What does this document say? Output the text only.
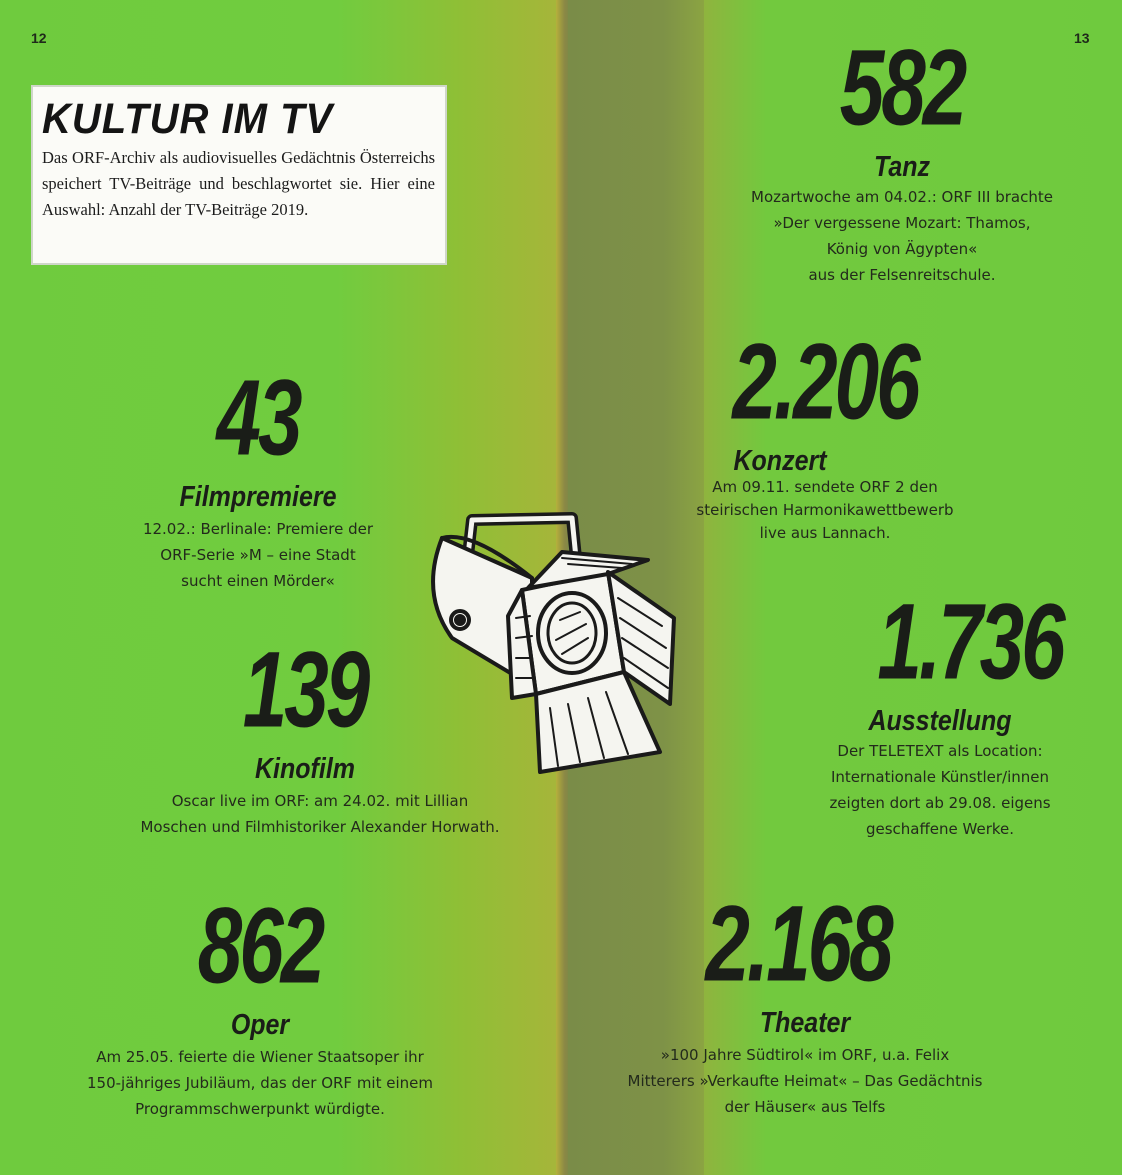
12	13
KULTUR IM TV

Das ORF-Archiv als audiovisuelles Gedächtnis Österreichs speichert TV-Beiträge und beschlagwortet sie. Hier eine Auswahl: Anzahl der TV-Beiträge 2019.

43
Filmpremiere
12.02.: Berlinale: Premiere der
ORF-Serie »M – eine Stadt
sucht einen Mörder«
139
Kinofilm
Oscar live im ORF: am 24.02. mit Lillian
Moschen und Filmhistoriker Alexander Horwath.
862
Oper
Am 25.05. feierte die Wiener Staatsoper ihr
150-jähriges Jubiläum, das der ORF mit einem
Programmschwerpunkt würdigte.
582
Tanz
Mozartwoche am 04.02.: ORF III brachte
»Der vergessene Mozart: Thamos,
König von Ägypten«
aus der Felsenreitschule.
2.206
Konzert
Am 09.11. sendete ORF 2 den
steirischen Harmonikawettbewerb
live aus Lannach.
1.736
Ausstellung
Der TELETEXT als Location:
Internationale Künstler/innen
zeigten dort ab 29.08. eigens
geschaffene Werke.
2.168
Theater
»100 Jahre Südtirol« im ORF, u.a. Felix
Mitterers »Verkaufte Heimat« – Das Gedächtnis
der Häuser« aus Telfs
